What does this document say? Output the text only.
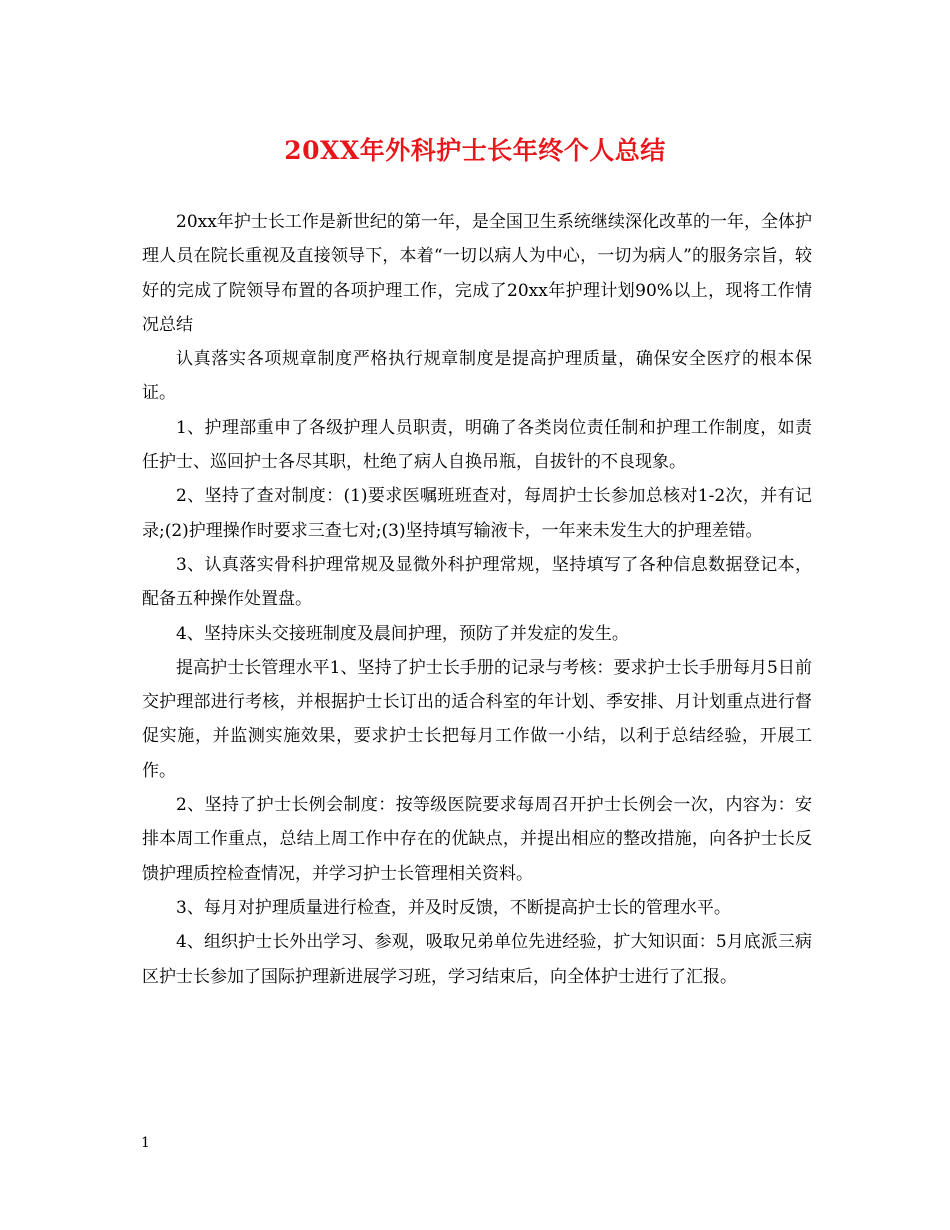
20XX年外科护士长年终个人总结

20xx年护士长工作是新世纪的第一年，是全国卫生系统继续深化改革的一年，全体护理人员在院长重视及直接领导下，本着“一切以病人为中心，一切为病人”的服务宗旨，较好的完成了院领导布置的各项护理工作，完成了20xx年护理计划90%以上，现将工作情况总结

认真落实各项规章制度严格执行规章制度是提高护理质量，确保安全医疗的根本保证。

1、护理部重申了各级护理人员职责，明确了各类岗位责任制和护理工作制度，如责任护士、巡回护士各尽其职，杜绝了病人自换吊瓶，自拔针的不良现象。

2、坚持了查对制度：(1)要求医嘱班班查对，每周护士长参加总核对1-2次，并有记录;(2)护理操作时要求三查七对;(3)坚持填写输液卡，一年来未发生大的护理差错。

3、认真落实骨科护理常规及显微外科护理常规，坚持填写了各种信息数据登记本，配备五种操作处置盘。

4、坚持床头交接班制度及晨间护理，预防了并发症的发生。

提高护士长管理水平1、坚持了护士长手册的记录与考核：要求护士长手册每月5日前交护理部进行考核，并根据护士长订出的适合科室的年计划、季安排、月计划重点进行督促实施，并监测实施效果，要求护士长把每月工作做一小结，以利于总结经验，开展工作。

2、坚持了护士长例会制度：按等级医院要求每周召开护士长例会一次，内容为：安排本周工作重点，总结上周工作中存在的优缺点，并提出相应的整改措施，向各护士长反馈护理质控检查情况，并学习护士长管理相关资料。

3、每月对护理质量进行检查，并及时反馈，不断提高护士长的管理水平。

4、组织护士长外出学习、参观，吸取兄弟单位先进经验，扩大知识面：5月底派三病区护士长参加了国际护理新进展学习班，学习结束后，向全体护士进行了汇报。

1
